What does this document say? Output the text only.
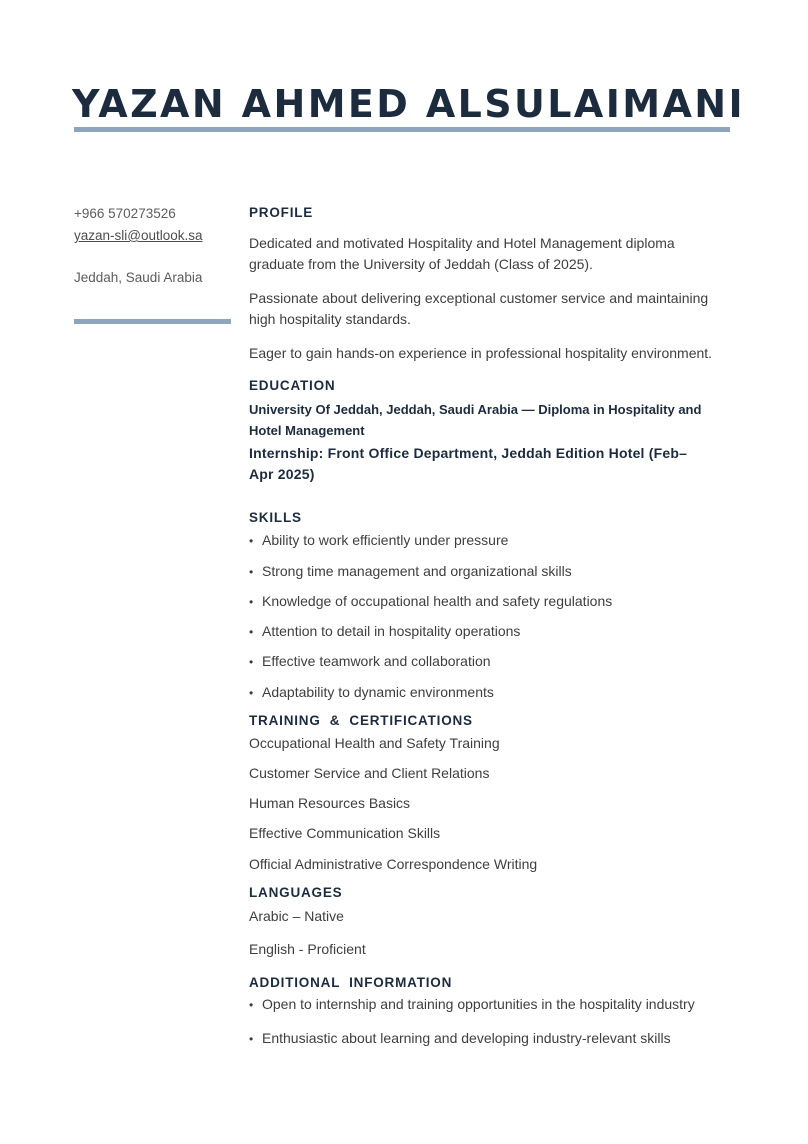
YAZAN AHMED ALSULAIMANI
+966 570273526
yazan-sli@outlook.sa
Jeddah, Saudi Arabia
PROFILE
Dedicated and motivated Hospitality and Hotel Management diploma
graduate from the University of Jeddah (Class of 2025).
Passionate about delivering exceptional customer service and maintaining
high hospitality standards.
Eager to gain hands-on experience in professional hospitality environment.
EDUCATION
University Of Jeddah, Jeddah, Saudi Arabia — Diploma in Hospitality and
Hotel Management
Internship: Front Office Department, Jeddah Edition Hotel (Feb–
Apr 2025)
SKILLS
• Ability to work efficiently under pressure
• Strong time management and organizational skills
• Knowledge of occupational health and safety regulations
• Attention to detail in hospitality operations
• Effective teamwork and collaboration
• Adaptability to dynamic environments
TRAINING  &  CERTIFICATIONS
Occupational Health and Safety Training
Customer Service and Client Relations
Human Resources Basics
Effective Communication Skills
Official Administrative Correspondence Writing
LANGUAGES
Arabic – Native
English - Proficient
ADDITIONAL  INFORMATION
• Open to internship and training opportunities in the hospitality industry
• Enthusiastic about learning and developing industry-relevant skills
